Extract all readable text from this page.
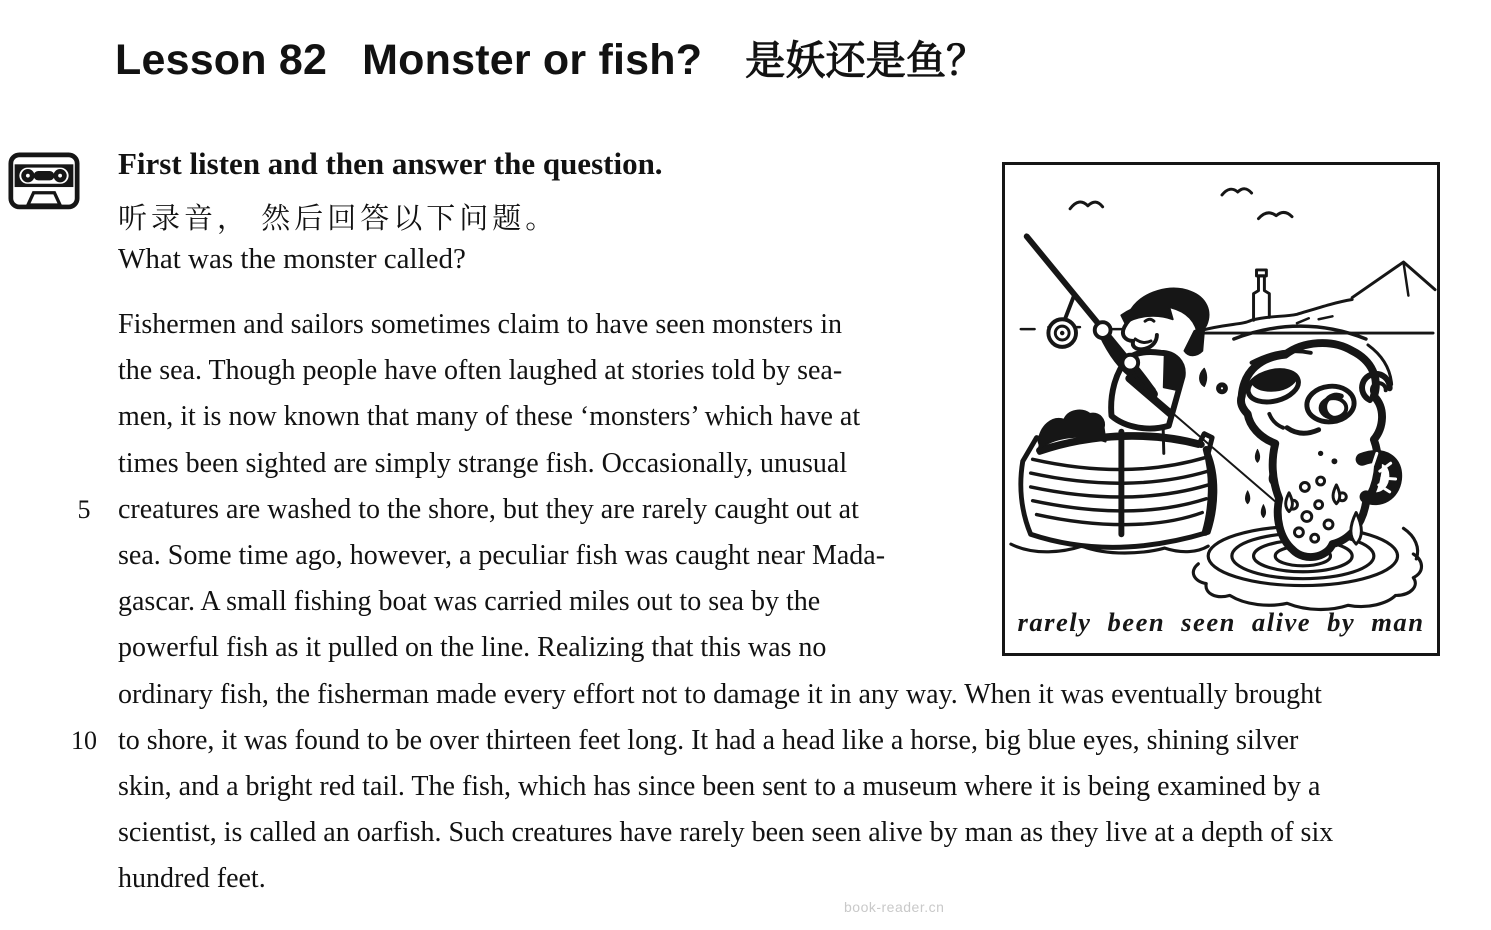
Lesson 82 Monster or fish? 是妖还是鱼？
First listen and then answer the question.
听录音， 然后回答以下问题。
What was the monster called?
Fishermen and sailors sometimes claim to have seen monsters in
the sea. Though people have often laughed at stories told by sea-
men, it is now known that many of these ‘monsters’ which have at
times been sighted are simply strange fish. Occasionally, unusual
5 creatures are washed to the shore, but they are rarely caught out at
sea. Some time ago, however, a peculiar fish was caught near Mada-
gascar. A small fishing boat was carried miles out to sea by the
powerful fish as it pulled on the line. Realizing that this was no
ordinary fish, the fisherman made every effort not to damage it in any way. When it was eventually brought
10 to shore, it was found to be over thirteen feet long. It had a head like a horse, big blue eyes, shining silver
skin, and a bright red tail. The fish, which has since been sent to a museum where it is being examined by a
scientist, is called an oarfish. Such creatures have rarely been seen alive by man as they live at a depth of six
hundred feet.
rarely been seen alive by man
book-reader.cn
